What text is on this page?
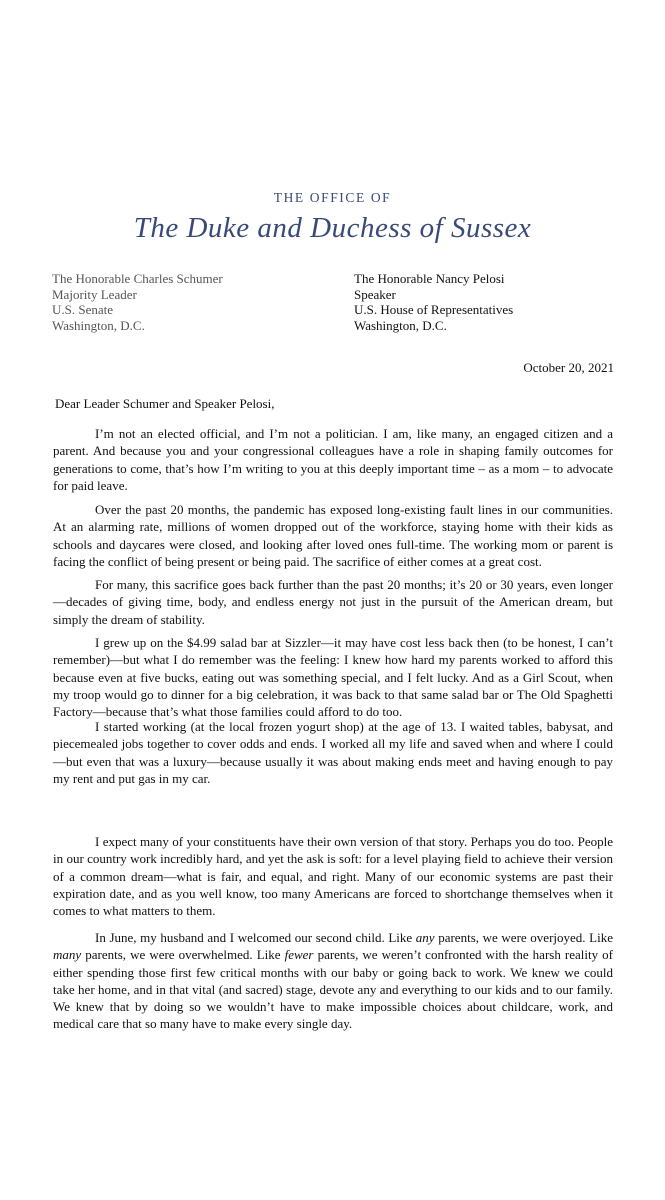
THE OFFICE OF
The Duke and Duchess of Sussex
The Honorable Charles Schumer
Majority Leader
U.S. Senate
Washington, D.C.
The Honorable Nancy Pelosi
Speaker
U.S. House of Representatives
Washington, D.C.
October 20, 2021
Dear Leader Schumer and Speaker Pelosi,

I’m not an elected official, and I’m not a politician. I am, like many, an engaged citizen and a parent. And because you and your congressional colleagues have a role in shaping family outcomes for generations to come, that’s how I’m writing to you at this deeply important time – as a mom – to advocate for paid leave.

Over the past 20 months, the pandemic has exposed long-existing fault lines in our communities. At an alarming rate, millions of women dropped out of the workforce, staying home with their kids as schools and daycares were closed, and looking after loved ones full-time. The working mom or parent is facing the conflict of being present or being paid. The sacrifice of either comes at a great cost.

For many, this sacrifice goes back further than the past 20 months; it’s 20 or 30 years, even longer—decades of giving time, body, and endless energy not just in the pursuit of the American dream, but simply the dream of stability.

I grew up on the $4.99 salad bar at Sizzler—it may have cost less back then (to be honest, I can’t remember)—but what I do remember was the feeling: I knew how hard my parents worked to afford this because even at five bucks, eating out was something special, and I felt lucky. And as a Girl Scout, when my troop would go to dinner for a big celebration, it was back to that same salad bar or The Old Spaghetti Factory—because that’s what those families could afford to do too.

I started working (at the local frozen yogurt shop) at the age of 13. I waited tables, babysat, and piecemealed jobs together to cover odds and ends. I worked all my life and saved when and where I could—but even that was a luxury—because usually it was about making ends meet and having enough to pay my rent and put gas in my car.

I expect many of your constituents have their own version of that story. Perhaps you do too. People in our country work incredibly hard, and yet the ask is soft: for a level playing field to achieve their version of a common dream—what is fair, and equal, and right. Many of our economic systems are past their expiration date, and as you well know, too many Americans are forced to shortchange themselves when it comes to what matters to them.

In June, my husband and I welcomed our second child. Like any parents, we were overjoyed. Like many parents, we were overwhelmed. Like fewer parents, we weren’t confronted with the harsh reality of either spending those first few critical months with our baby or going back to work. We knew we could take her home, and in that vital (and sacred) stage, devote any and everything to our kids and to our family. We knew that by doing so we wouldn’t have to make impossible choices about childcare, work, and medical care that so many have to make every single day.
